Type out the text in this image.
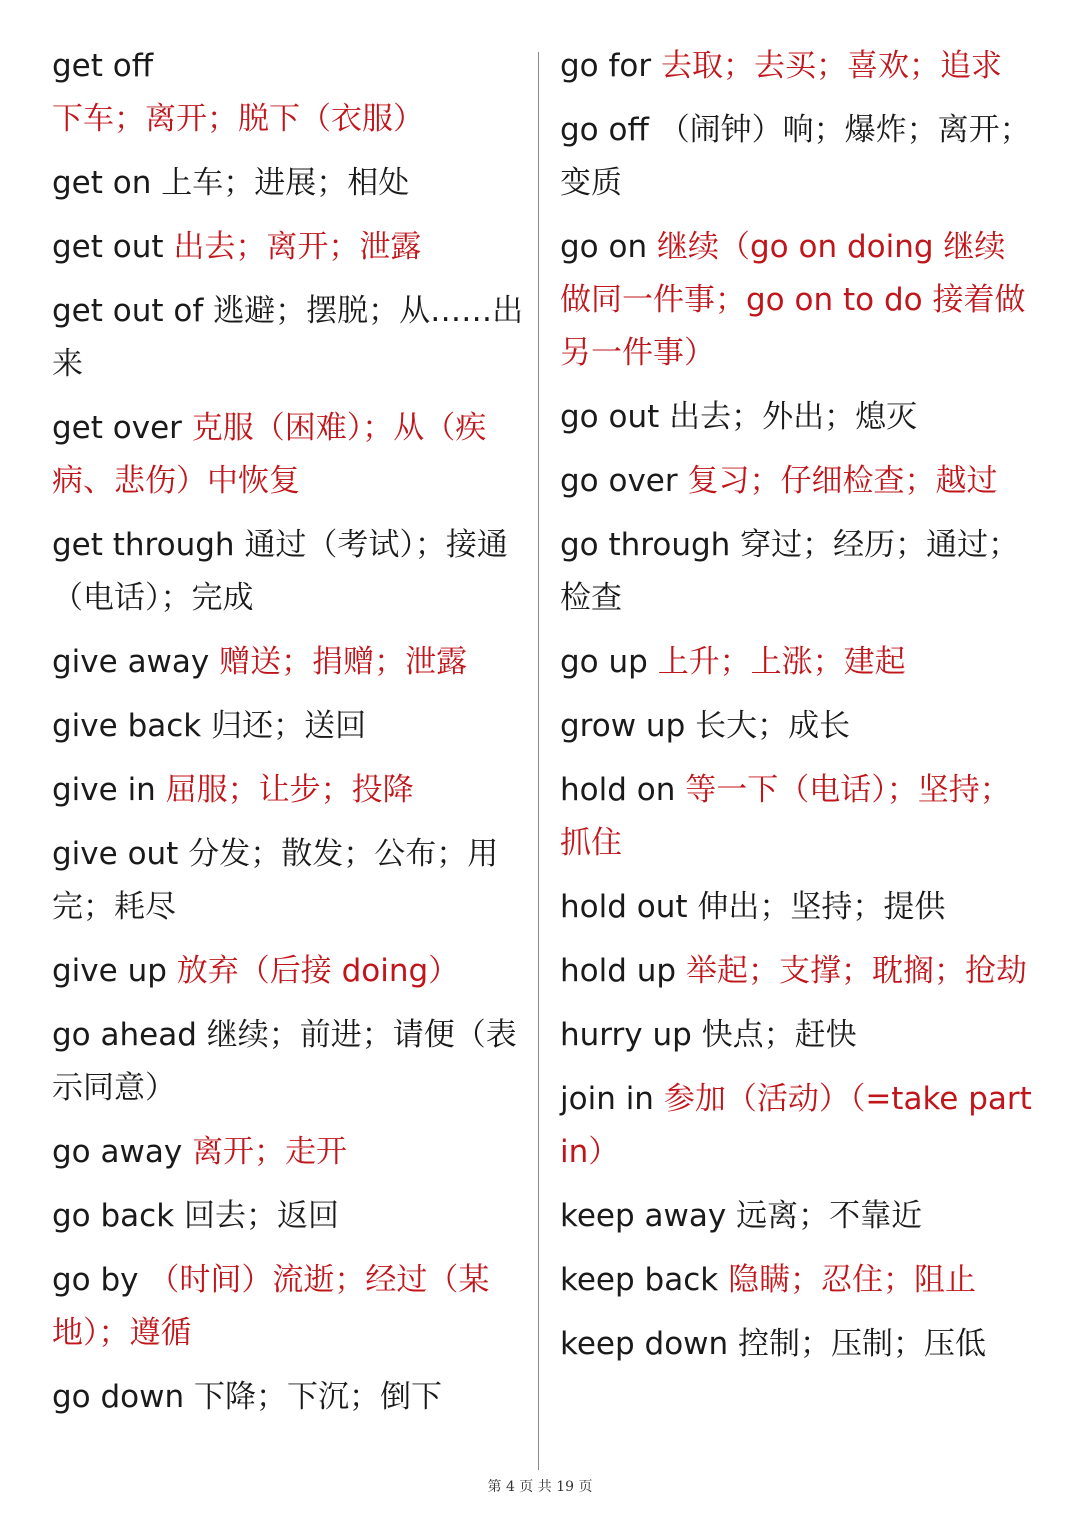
get off 下车；离开；脱下（衣服）
get on 上车；进展；相处
get out 出去；离开；泄露
get out of 逃避；摆脱；从……出来
get over 克服（困难）；从（疾病、悲伤）中恢复
get through 通过（考试）；接通（电话）；完成
give away 赠送；捐赠；泄露
give back 归还；送回
give in 屈服；让步；投降
give out 分发；散发；公布；用完；耗尽
give up 放弃（后接 doing）
go ahead 继续；前进；请便（表示同意）
go away 离开；走开
go back 回去；返回
go by （时间）流逝；经过（某地）；遵循
go down 下降；下沉；倒下
go for 去取；去买；喜欢；追求
go off （闹钟）响；爆炸；离开；变质
go on 继续（go on doing 继续做同一件事；go on to do 接着做另一件事）
go out 出去；外出；熄灭
go over 复习；仔细检查；越过
go through 穿过；经历；通过；检查
go up 上升；上涨；建起
grow up 长大；成长
hold on 等一下（电话）；坚持；抓住
hold out 伸出；坚持；提供
hold up 举起；支撑；耽搁；抢劫
hurry up 快点；赶快
join in 参加（活动）（=take part in）
keep away 远离；不靠近
keep back 隐瞒；忍住；阻止
keep down 控制；压制；压低
第 4 页 共 19 页
